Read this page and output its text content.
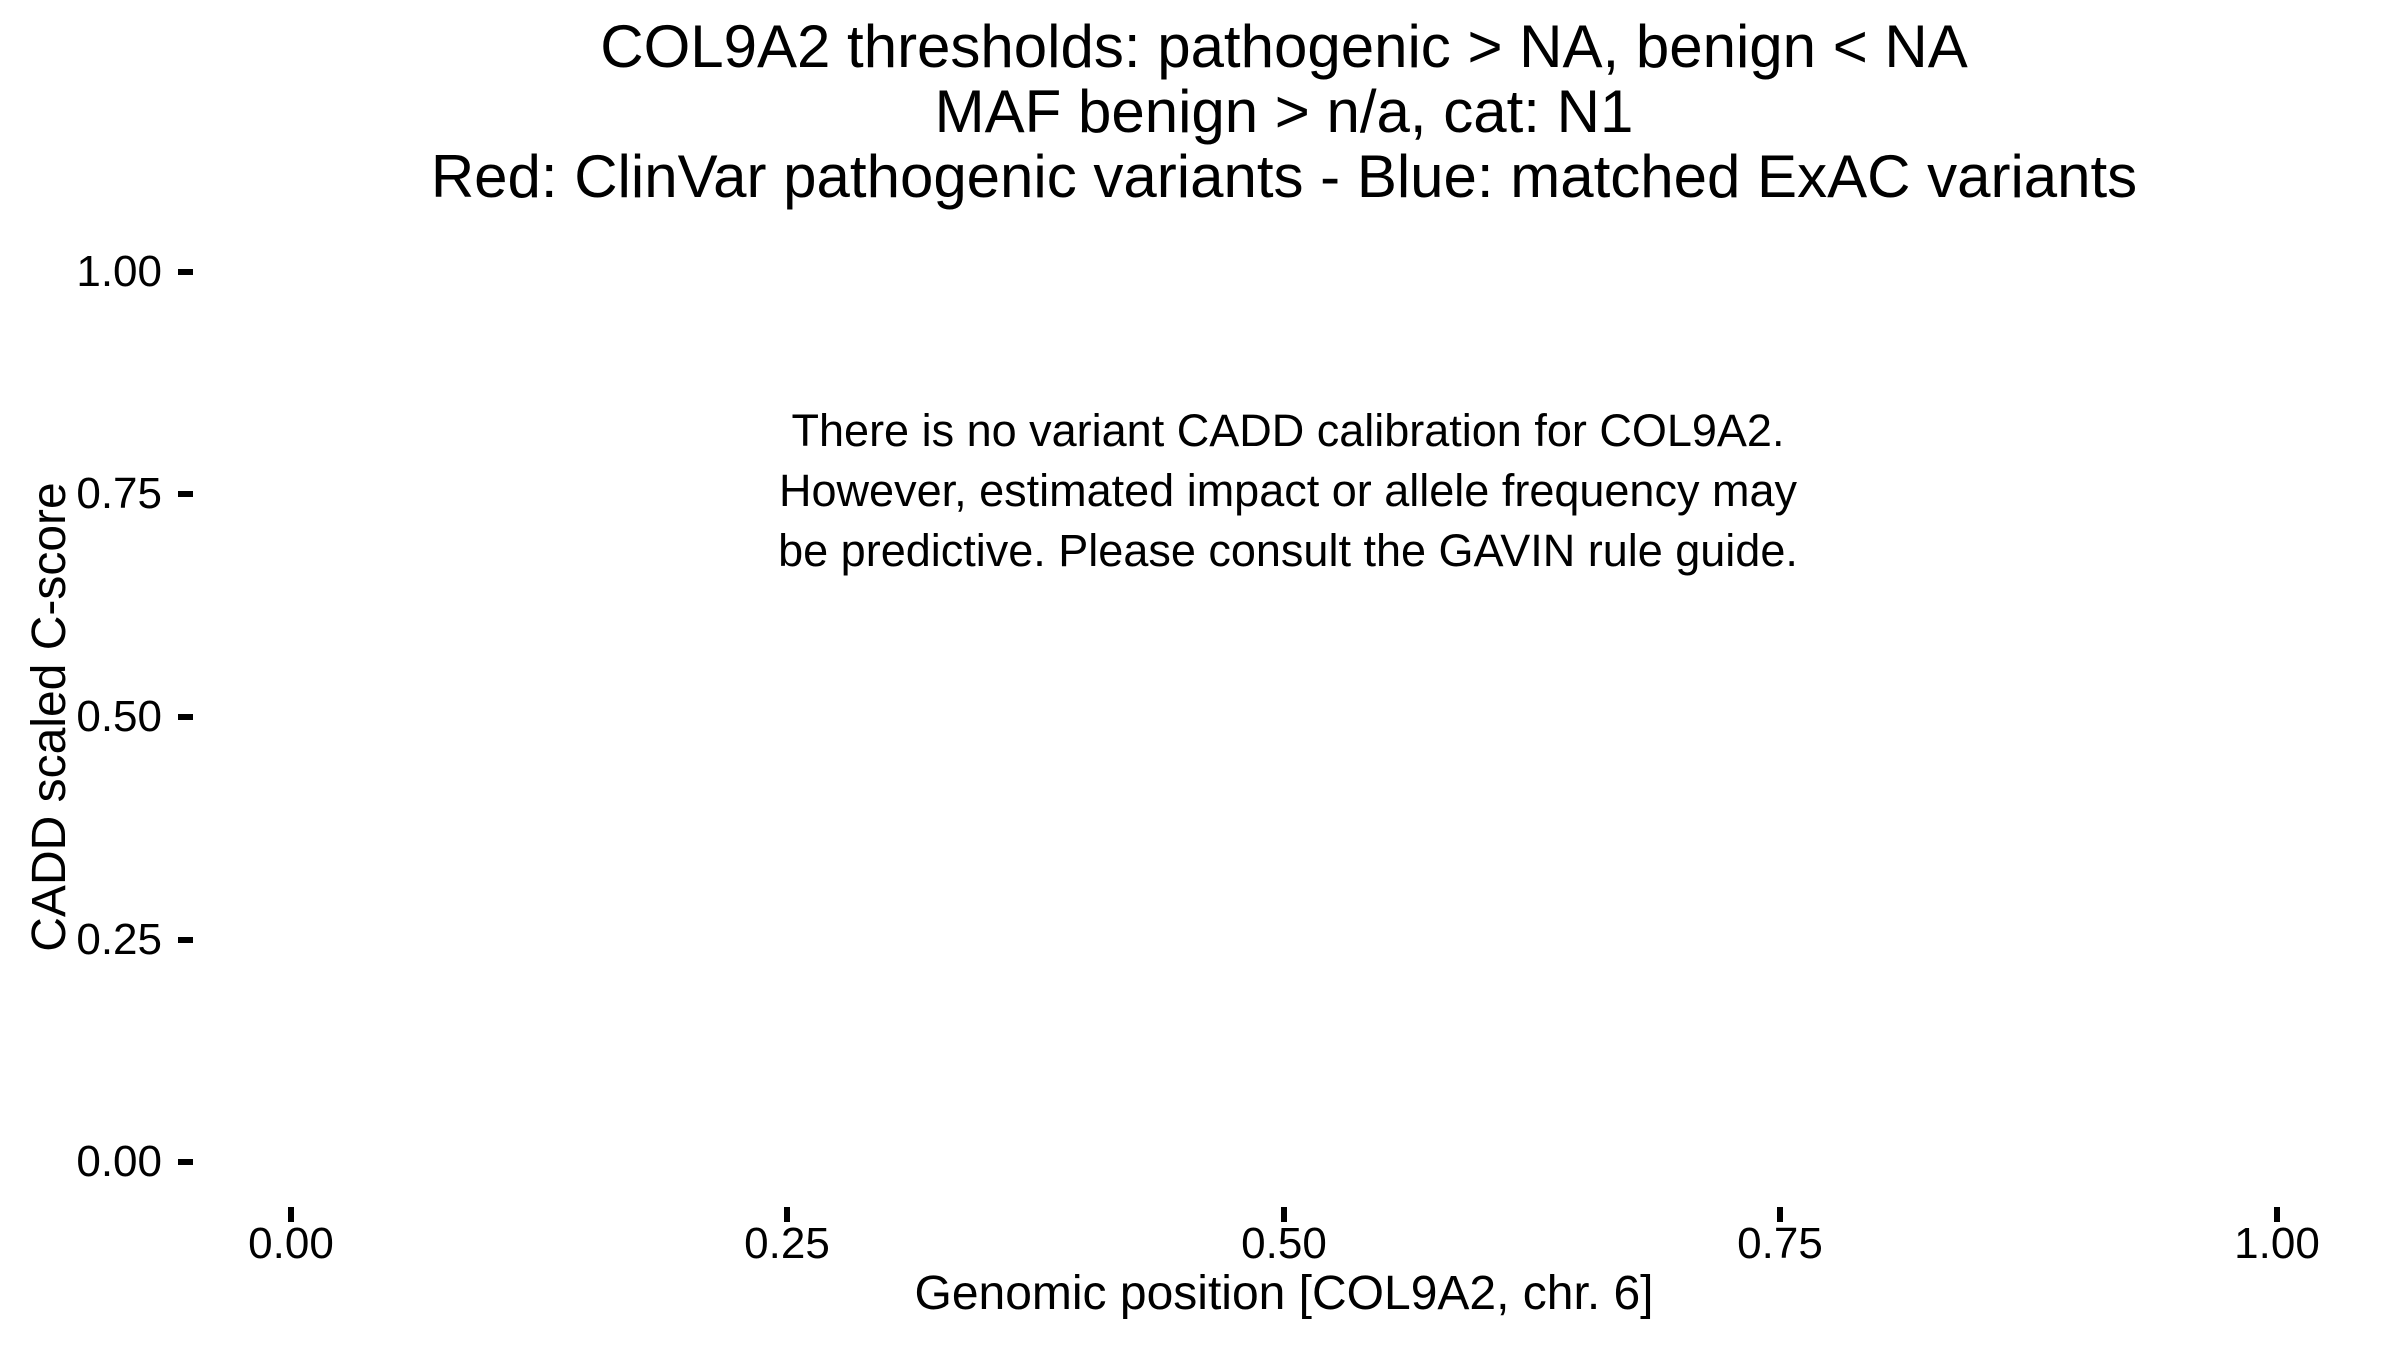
COL9A2 thresholds: pathogenic > NA, benign < NA
MAF benign > n/a, cat: N1
Red: ClinVar pathogenic variants - Blue: matched ExAC variants
There is no variant CADD calibration for COL9A2.
However, estimated impact or allele frequency may
be predictive. Please consult the GAVIN rule guide.
CADD scaled C-score
1.00
0.75
0.50
0.25
0.00
0.00	0.25	0.50	0.75	1.00
Genomic position [COL9A2, chr. 6]
